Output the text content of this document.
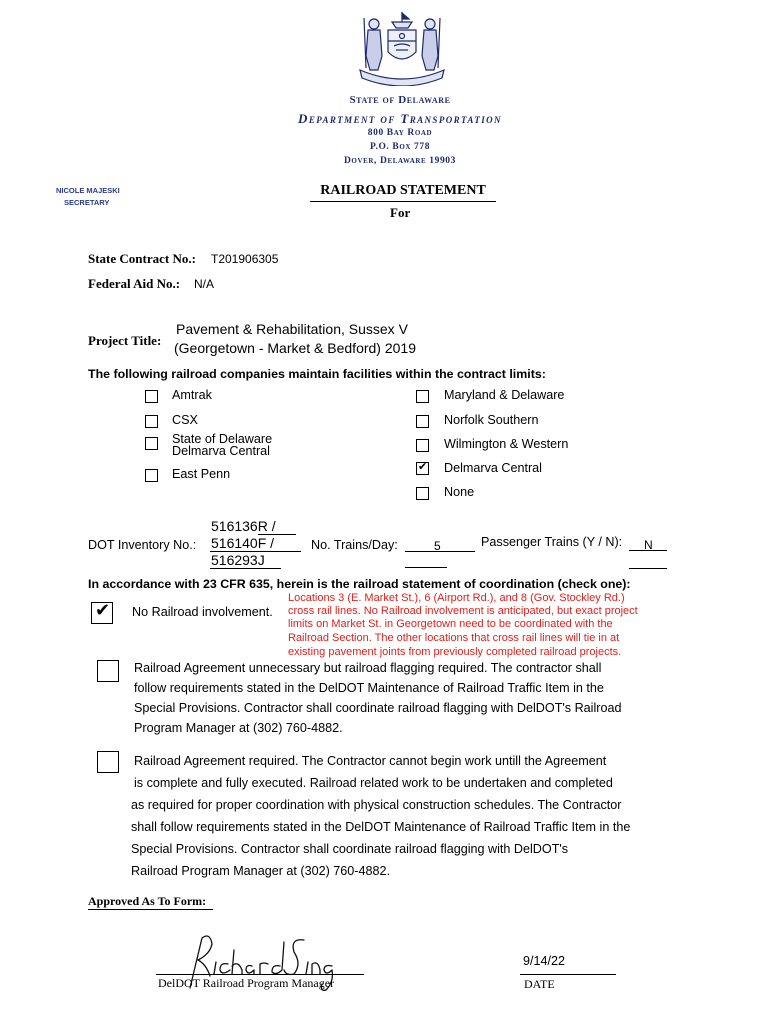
State of Delaware
Department of Transportation
800 Bay Road
P.O. Box 778
Dover, Delaware 19903
NICOLE MAJESKI
SECRETARY
RAILROAD STATEMENT
For
State Contract No.: T201906305
Federal Aid No.: N/A
Project Title:
Pavement & Rehabilitation, Sussex V
(Georgetown - Market & Bedford) 2019
The following railroad companies maintain facilities within the contract limits:
Amtrak
CSX
State of Delaware
Delmarva Central
East Penn
Maryland & Delaware
Norfolk Southern
Wilmington & Western
✔ Delmarva Central
None
DOT Inventory No.:
516136R /
516140F /
516293J
No. Trains/Day:	5	Passenger Trains (Y / N): N
In accordance with 23 CFR 635, herein is the railroad statement of coordination (check one):
✔ No Railroad involvement.
Locations 3 (E. Market St.), 6 (Airport Rd.), and 8 (Gov. Stockley Rd.)
cross rail lines. No Railroad involvement is anticipated, but exact project
limits on Market St. in Georgetown need to be coordinated with the
Railroad Section. The other locations that cross rail lines will tie in at
existing pavement joints from previously completed railroad projects.
Railroad Agreement unnecessary but railroad flagging required. The contractor shall
follow requirements stated in the DelDOT Maintenance of Railroad Traffic Item in the
Special Provisions. Contractor shall coordinate railroad flagging with DelDOT's Railroad
Program Manager at (302) 760-4882.
Railroad Agreement required. The Contractor cannot begin work untill the Agreement
is complete and fully executed. Railroad related work to be undertaken and completed
as required for proper coordination with physical construction schedules. The Contractor
shall follow requirements stated in the DelDOT Maintenance of Railroad Traffic Item in the
Special Provisions. Contractor shall coordinate railroad flagging with DelDOT's
Railroad Program Manager at (302) 760-4882.
Approved As To Form:
DelDOT Railroad Program Manager
9/14/22
DATE
